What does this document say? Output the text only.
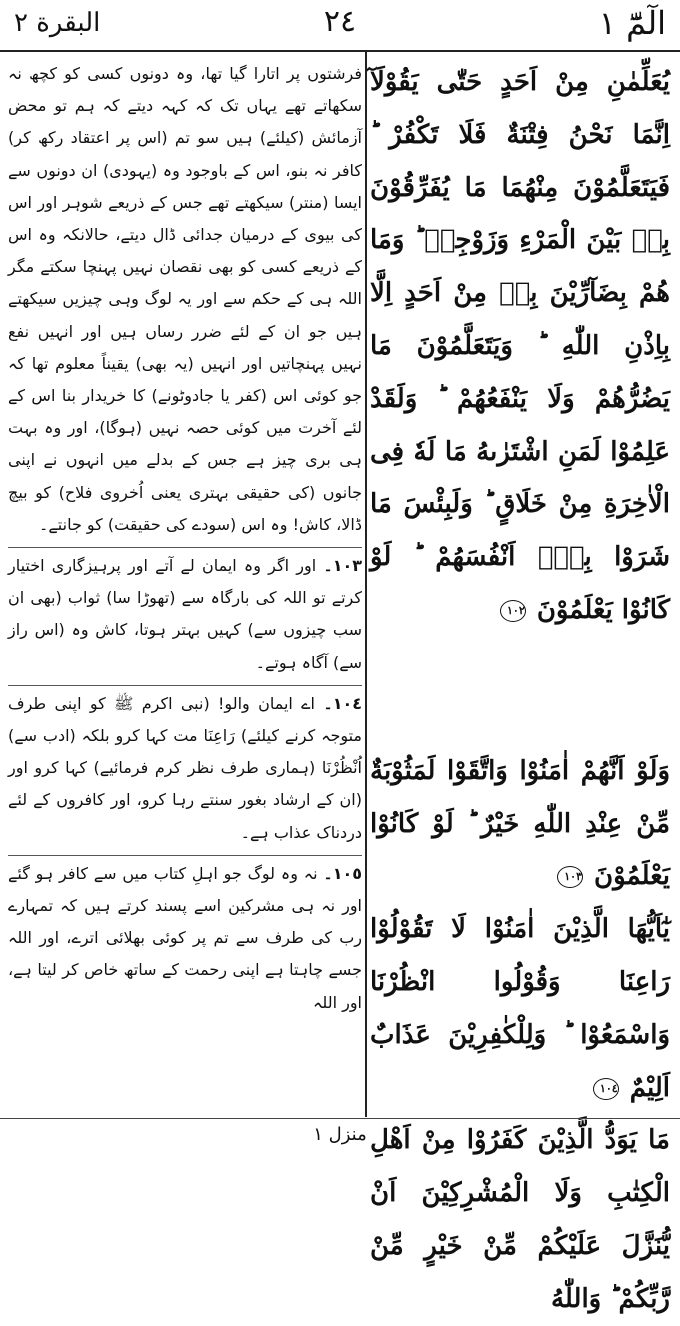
الٓمّٓ ١
٢٤
البقرة ٢

يُعَلِّمٰنِ مِنْ اَحَدٍ حَتّٰى يَقُوْلَآ اِنَّمَا نَحْنُ فِتْنَةٌ فَلَا تَكْفُرْ ؕ فَيَتَعَلَّمُوْنَ مِنْهُمَا مَا يُفَرِّقُوْنَ بِهٖ بَيْنَ الْمَرْءِ وَزَوْجِهٖ ؕ وَمَا هُمْ بِضَآرِّيْنَ بِهٖ مِنْ اَحَدٍ اِلَّا بِاِذْنِ اللّٰهِ ؕ وَيَتَعَلَّمُوْنَ مَا يَضُرُّهُمْ وَلَا يَنْفَعُهُمْ ؕ وَلَقَدْ عَلِمُوْا لَمَنِ اشْتَرٰىهُ مَا لَهٗ فِى الْاٰخِرَةِ مِنْ خَلَاقٍ ؕ وَلَبِئْسَ مَا شَرَوْا بِهٖۤ اَنْفُسَهُمْ ؕ لَوْ كَانُوْا يَعْلَمُوْنَ ١٠٢

وَلَوْ اَنَّهُمْ اٰمَنُوْا وَاتَّقَوْا لَمَثُوْبَةٌ مِّنْ عِنْدِ اللّٰهِ خَيْرٌ ؕ لَوْ كَانُوْا يَعْلَمُوْنَ ١٠٣

يٰٓاَيُّهَا الَّذِيْنَ اٰمَنُوْا لَا تَقُوْلُوْا رَاعِنَا وَقُوْلُوا انْظُرْنَا وَاسْمَعُوْا ؕ وَلِلْكٰفِرِيْنَ عَذَابٌ اَلِيْمٌ ١٠٤

مَا يَوَدُّ الَّذِيْنَ كَفَرُوْا مِنْ اَهْلِ الْكِتٰبِ وَلَا الْمُشْرِكِيْنَ اَنْ يُّنَزَّلَ عَلَيْكُمْ مِّنْ خَيْرٍ مِّنْ رَّبِّكُمْ ؕ وَاللّٰهُ

فرشتوں پر اتارا گیا تھا، وہ دونوں کسی کو کچھ نہ سکھاتے تھے یہاں تک کہ کہہ دیتے کہ ہم تو محض آزمائش (کیلئے) ہیں سو تم (اس پر اعتقاد رکھ کر) کافر نہ بنو، اس کے باوجود وہ (یہودی) ان دونوں سے ایسا (منتر) سیکھتے تھے جس کے ذریعے شوہر اور اس کی بیوی کے درمیان جدائی ڈال دیتے، حالانکہ وہ اس کے ذریعے کسی کو بھی نقصان نہیں پہنچا سکتے مگر اللہ ہی کے حکم سے اور یہ لوگ وہی چیزیں سیکھتے ہیں جو ان کے لئے ضرر رساں ہیں اور انہیں نفع نہیں پہنچاتیں اور انہیں (یہ بھی) یقیناً معلوم تھا کہ جو کوئی اس (کفر یا جادوٹونے) کا خریدار بنا اس کے لئے آخرت میں کوئی حصہ نہیں (ہوگا)، اور وہ بہت ہی بری چیز ہے جس کے بدلے میں انہوں نے اپنی جانوں (کی حقیقی بہتری یعنی اُخروی فلاح) کو بیچ ڈالا، کاش! وہ اس (سودے کی حقیقت) کو جانتے۔

١٠٣۔ اور اگر وہ ایمان لے آتے اور پرہیزگاری اختیار کرتے تو اللہ کی بارگاہ سے (تھوڑا سا) ثواب (بھی ان سب چیزوں سے) کہیں بہتر ہوتا، کاش وہ (اس راز سے) آگاہ ہوتے۔

١٠٤۔ اے ایمان والو! (نبی اکرم ﷺ کو اپنی طرف متوجہ کرنے کیلئے) رَاعِنَا مت کہا کرو بلکہ (ادب سے) اُنْظُرْنَا (ہماری طرف نظر کرم فرمائیے) کہا کرو اور (ان کے ارشاد بغور سنتے رہا کرو، اور کافروں کے لئے دردناک عذاب ہے۔

١٠٥۔ نہ وہ لوگ جو اہلِ کتاب میں سے کافر ہو گئے اور نہ ہی مشرکین اسے پسند کرتے ہیں کہ تمہارے رب کی طرف سے تم پر کوئی بھلائی اترے، اور اللہ جسے چاہتا ہے اپنی رحمت کے ساتھ خاص کر لیتا ہے، اور اللہ

منزل ١
